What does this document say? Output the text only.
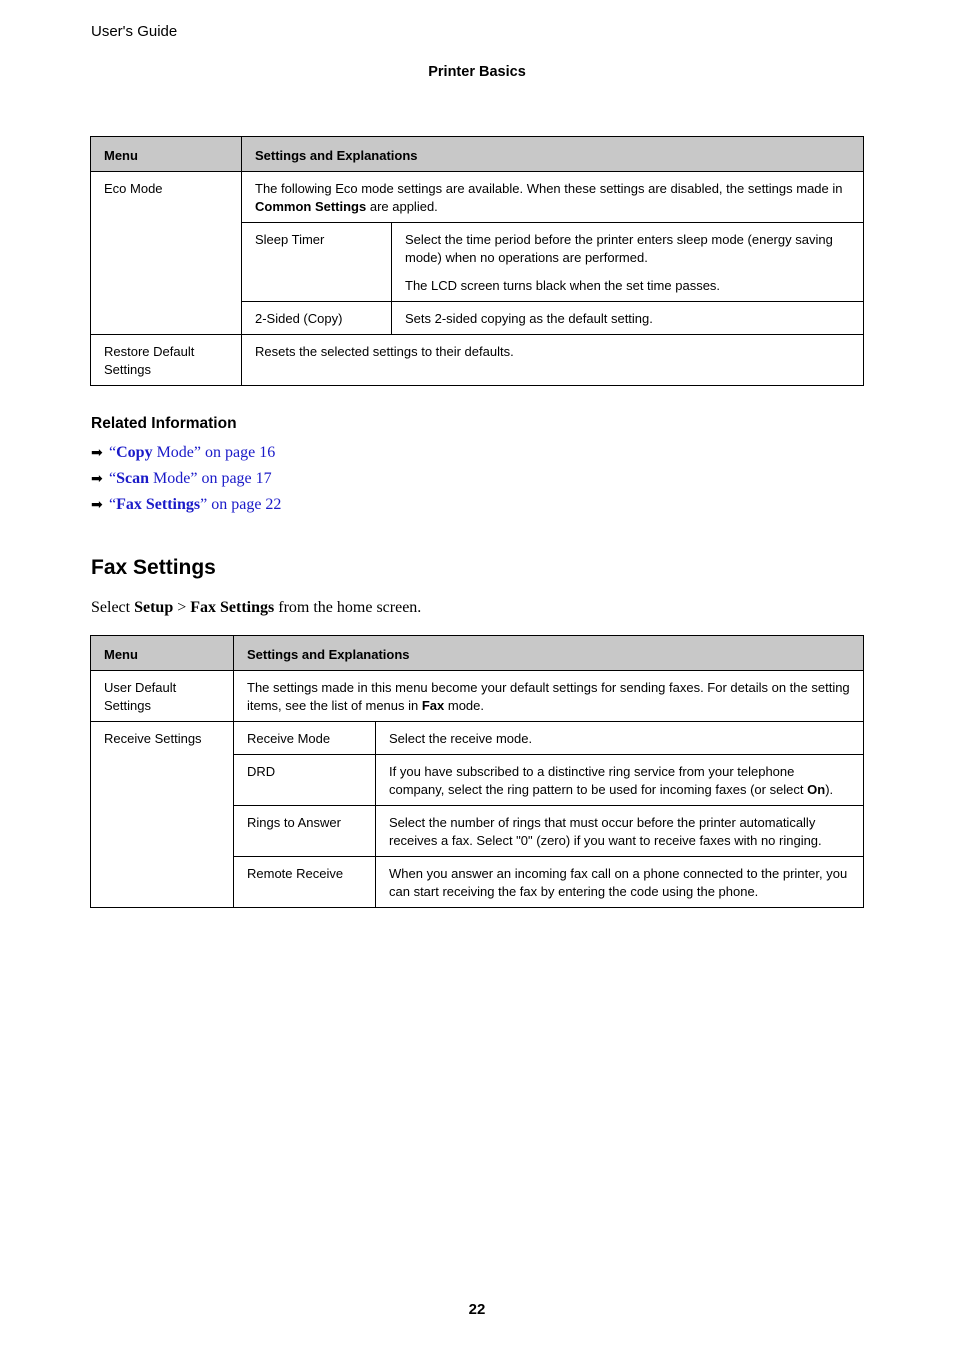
User's Guide
Printer Basics
Menu	Settings and Explanations	
Eco Mode	The following Eco mode settings are available. When these settings are disabled, the settings made in Common Settings are applied.	
	Sleep Timer	Select the time period before the printer enters sleep mode (energy saving mode) when no operations are performed.

The LCD screen turns black when the set time passes.

	2-Sided (Copy)	Sets 2-sided copying as the default setting.
Restore Default Settings	Resets the selected settings to their defaults.	
Related Information
➡ “Copy Mode” on page 16
➡ “Scan Mode” on page 17
➡ “Fax Settings” on page 22
Fax Settings
Select Setup > Fax Settings from the home screen.
Menu	Settings and Explanations	
User Default Settings	The settings made in this menu become your default settings for sending faxes. For details on the setting items, see the list of menus in Fax mode.	
Receive Settings	Receive Mode	Select the receive mode.
	DRD	If you have subscribed to a distinctive ring service from your telephone company, select the ring pattern to be used for incoming faxes (or select On).
	Rings to Answer	Select the number of rings that must occur before the printer automatically receives a fax. Select "0" (zero) if you want to receive faxes with no ringing.
	Remote Receive	When you answer an incoming fax call on a phone connected to the printer, you can start receiving the fax by entering the code using the phone.
22
